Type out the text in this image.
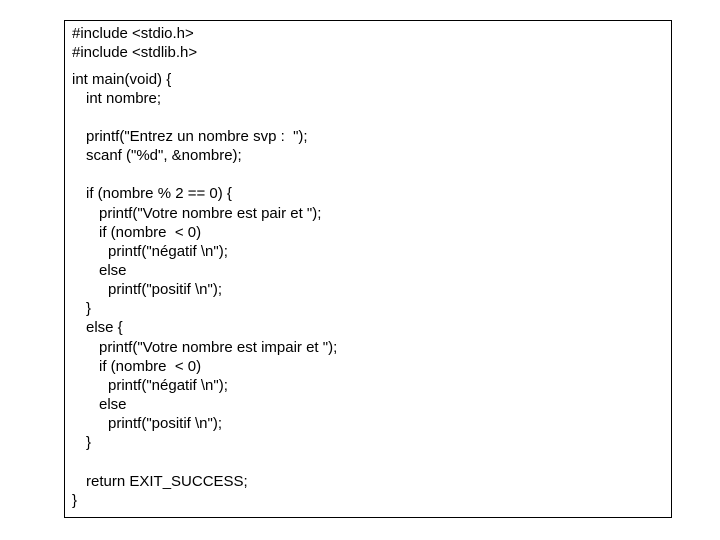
#include <stdio.h>
#include <stdlib.h>
int main(void) {
int nombre;
printf("Entrez un nombre svp :  ");
scanf ("%d", &nombre);
if (nombre % 2 == 0) {
printf("Votre nombre est pair et ");
if (nombre  < 0)
printf("négatif \n");
else
printf("positif \n");
}
else {
printf("Votre nombre est impair et ");
if (nombre  < 0)
printf("négatif \n");
else
printf("positif \n");
}
return EXIT_SUCCESS;
}
